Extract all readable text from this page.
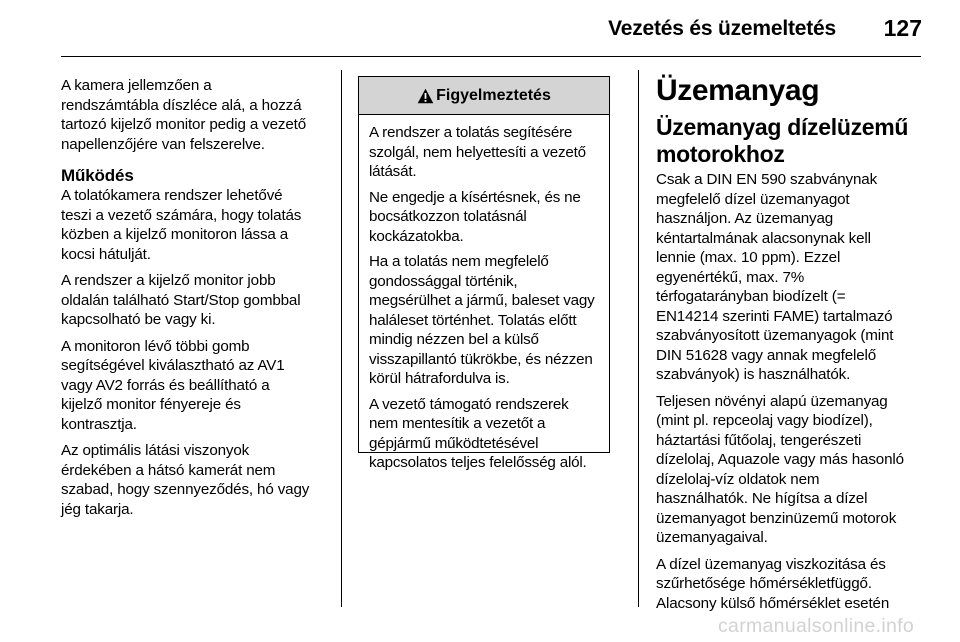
Vezetés és üzemeltetés 127

A kamera jellemzően a
rendszámtábla díszléce alá, a hozzá
tartozó kijelző monitor pedig a vezető
napellenzőjére van felszerelve.

Működés

A tolatókamera rendszer lehetővé
teszi a vezető számára, hogy tolatás
közben a kijelző monitoron lássa a
kocsi hátulját.

A rendszer a kijelző monitor jobb
oldalán található Start/Stop gombbal
kapcsolható be vagy ki.

A monitoron lévő többi gomb
segítségével kiválasztható az AV1
vagy AV2 forrás és beállítható a
kijelző monitor fényereje és
kontrasztja.

Az optimális látási viszonyok
érdekében a hátsó kamerát nem
szabad, hogy szennyeződés, hó vagy
jég takarja.

Figyelmeztetés

A rendszer a tolatás segítésére
szolgál, nem helyettesíti a vezető
látását.

Ne engedje a kísértésnek, és ne
bocsátkozzon tolatásnál
kockázatokba.

Ha a tolatás nem megfelelő
gondossággal történik,
megsérülhet a jármű, baleset vagy
haláleset történhet. Tolatás előtt
mindig nézzen bel a külső
visszapillantó tükrökbe, és nézzen
körül hátrafordulva is.

A vezető támogató rendszerek
nem mentesítik a vezetőt a
gépjármű működtetésével
kapcsolatos teljes felelősség alól.

Üzemanyag
Üzemanyag dízelüzemű
motorokhoz

Csak a DIN EN 590 szabványnak
megfelelő dízel üzemanyagot
használjon. Az üzemanyag
kéntartalmának alacsonynak kell
lennie (max. 10 ppm). Ezzel
egyenértékű, max. 7%
térfogatarányban biodízelt (=
EN14214 szerinti FAME) tartalmazó
szabványosított üzemanyagok (mint
DIN 51628 vagy annak megfelelő
szabványok) is használhatók.

Teljesen növényi alapú üzemanyag
(mint pl. repceolaj vagy biodízel),
háztartási fűtőolaj, tengerészeti
dízelolaj, Aquazole vagy más hasonló
dízelolaj-víz oldatok nem
használhatók. Ne hígítsa a dízel
üzemanyagot benzinüzemű motorok
üzemanyagaival.

A dízel üzemanyag viszkozitása és
szűrhetősége hőmérsékletfüggő.
Alacsony külső hőmérséklet esetén

carmanualsonline.info
